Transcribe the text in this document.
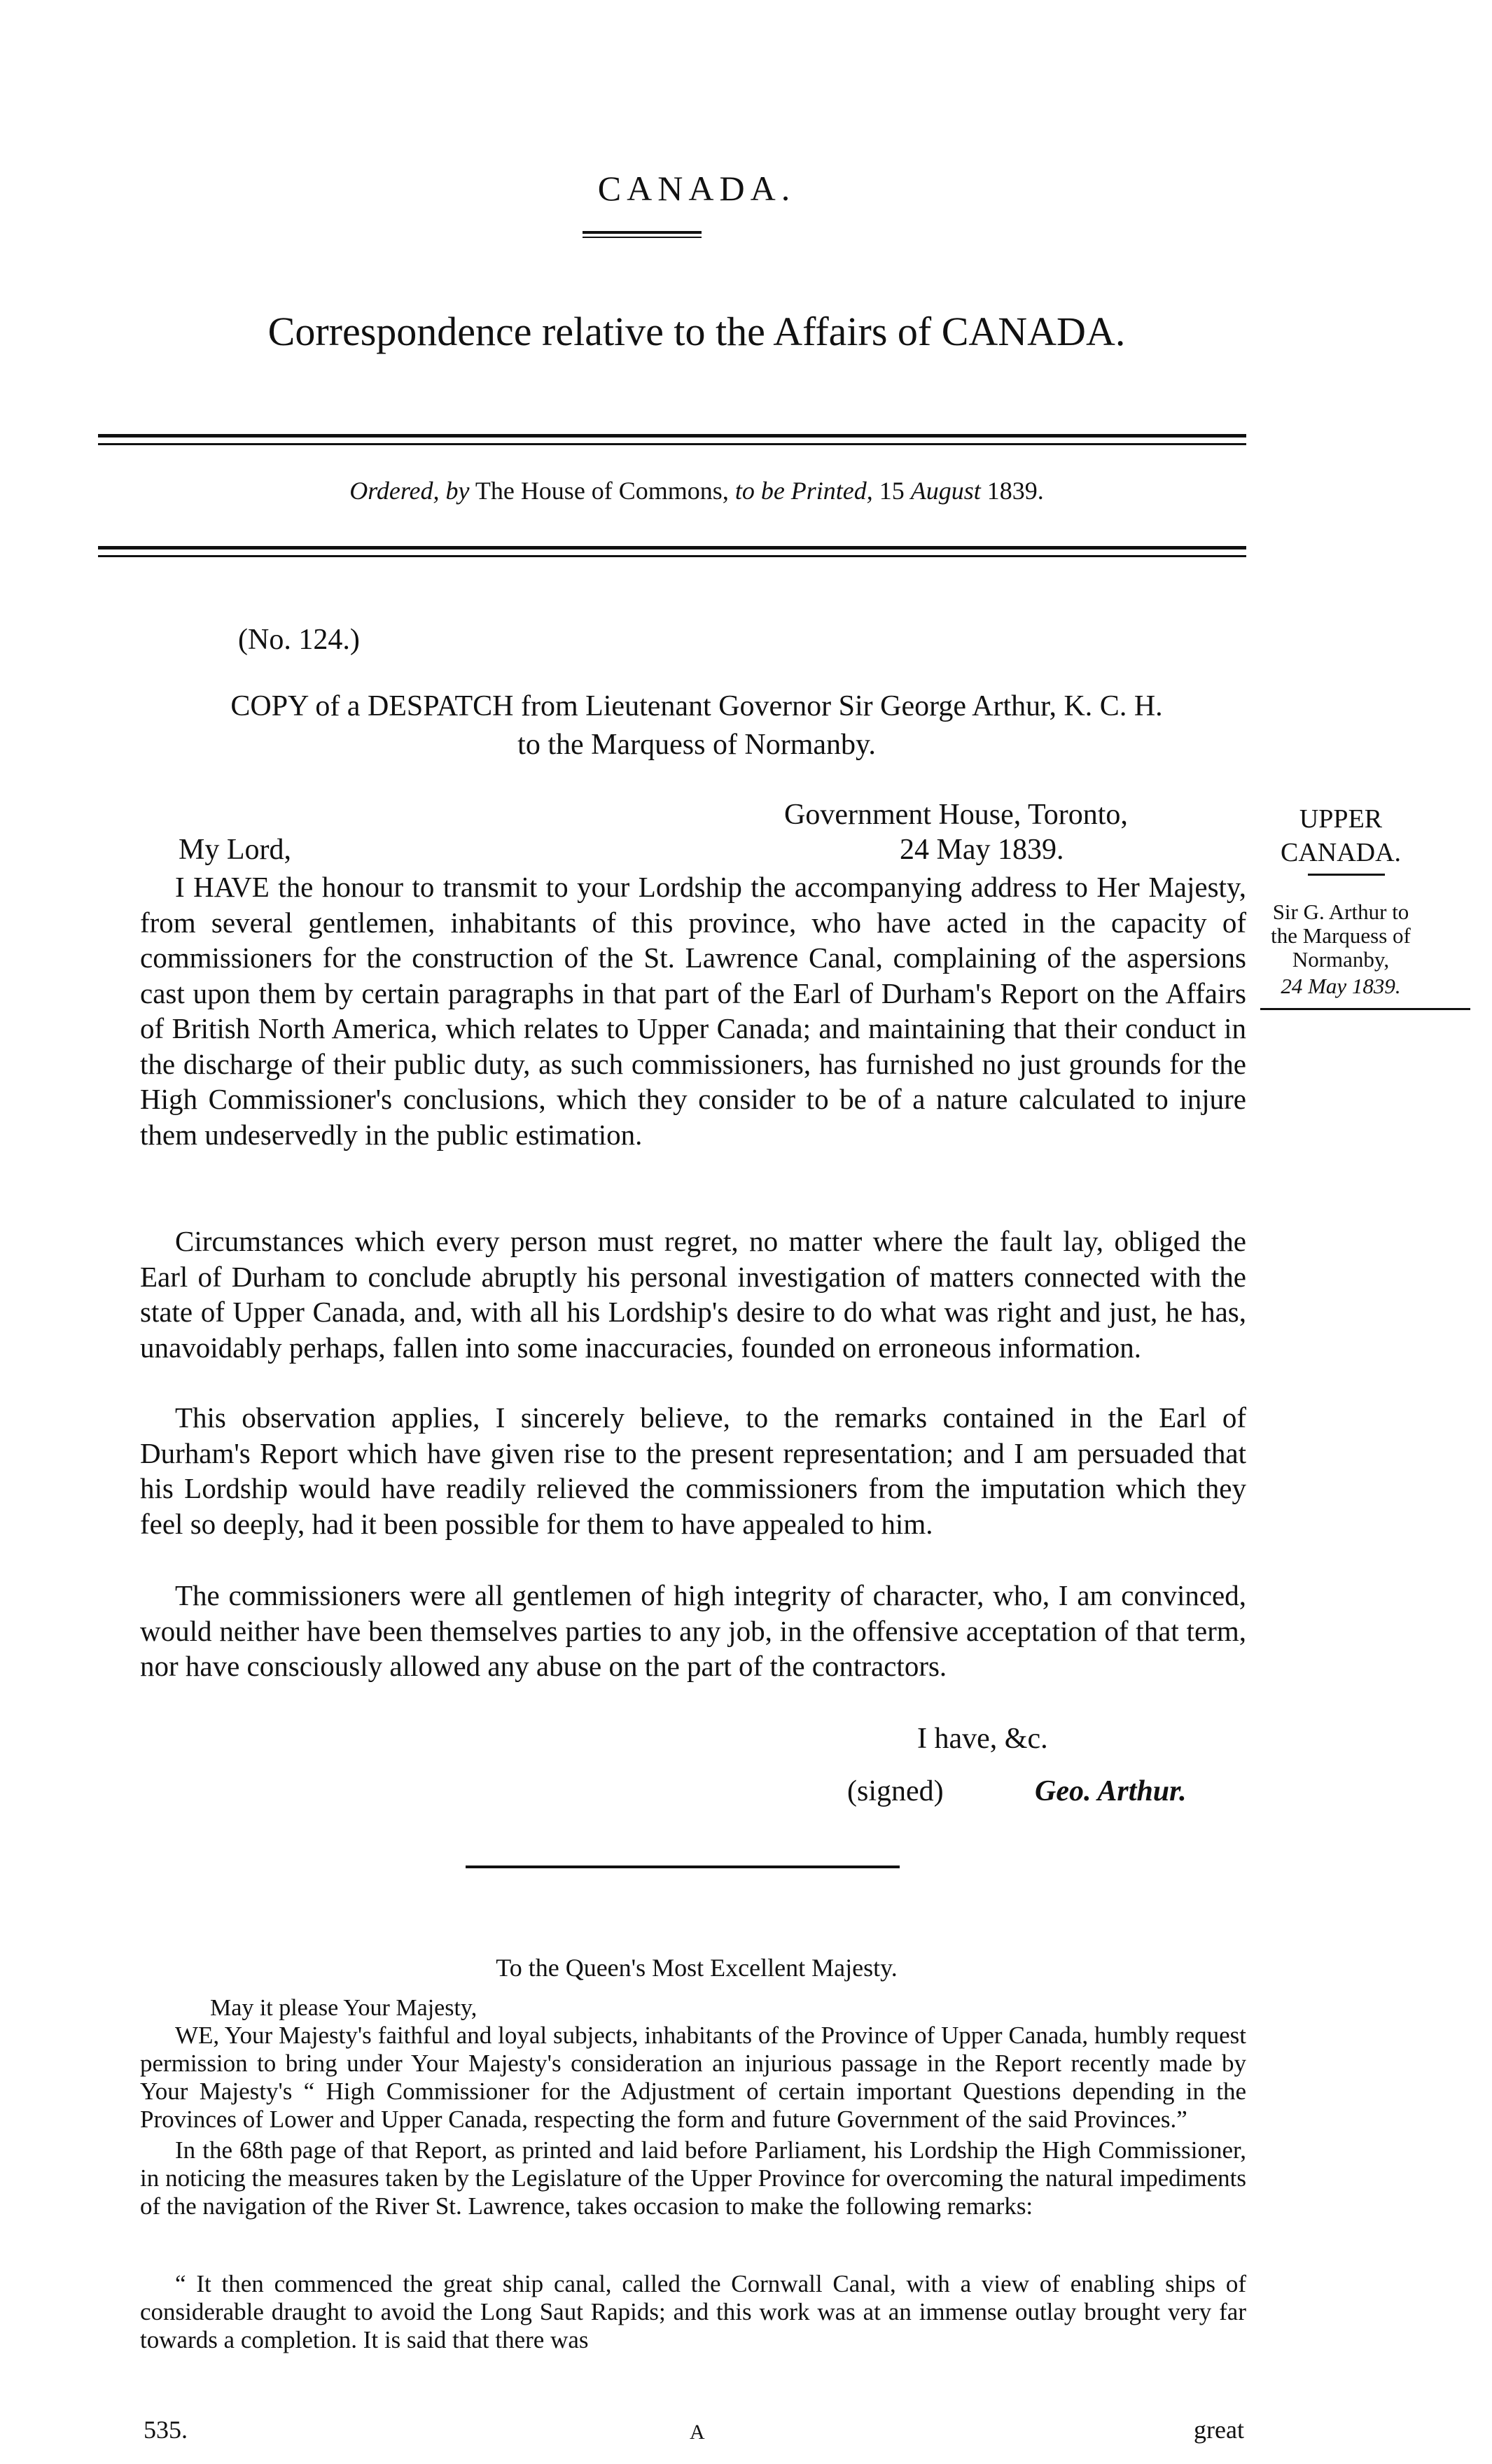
CANADA.
Correspondence relative to the Affairs of CANADA.
Ordered, by The House of Commons, to be Printed, 15 August 1839.
(No. 124.)
COPY of a DESPATCH from Lieutenant Governor Sir George Arthur, K. C. H.
to the Marquess of Normanby.
Government House, Toronto,
My Lord,	24 May 1839.

I HAVE the honour to transmit to your Lordship the accompanying address to Her Majesty, from several gentlemen, inhabitants of this province, who have acted in the capacity of commissioners for the construction of the St. Lawrence Canal, complaining of the aspersions cast upon them by certain paragraphs in that part of the Earl of Durham's Report on the Affairs of British North America, which relates to Upper Canada; and maintaining that their conduct in the discharge of their public duty, as such commissioners, has furnished no just grounds for the High Commissioner's conclusions, which they consider to be of a nature calculated to injure them undeservedly in the public estimation.

Circumstances which every person must regret, no matter where the fault lay, obliged the Earl of Durham to conclude abruptly his personal investigation of matters connected with the state of Upper Canada, and, with all his Lordship's desire to do what was right and just, he has, unavoidably perhaps, fallen into some inaccuracies, founded on erroneous information.

This observation applies, I sincerely believe, to the remarks contained in the Earl of Durham's Report which have given rise to the present representation; and I am persuaded that his Lordship would have readily relieved the commissioners from the imputation which they feel so deeply, had it been possible for them to have appealed to him.

The commissioners were all gentlemen of high integrity of character, who, I am convinced, would neither have been themselves parties to any job, in the offensive acceptation of that term, nor have consciously allowed any abuse on the part of the contractors.

I have, &c.
(signed)	Geo. Arthur.
To the Queen's Most Excellent Majesty.
May it please Your Majesty,

WE, Your Majesty's faithful and loyal subjects, inhabitants of the Province of Upper Canada, humbly request permission to bring under Your Majesty's consideration an injurious passage in the Report recently made by Your Majesty's “ High Commissioner for the Adjustment of certain important Questions depending in the Provinces of Lower and Upper Canada, respecting the form and future Government of the said Provinces.”

In the 68th page of that Report, as printed and laid before Parliament, his Lordship the High Commissioner, in noticing the measures taken by the Legislature of the Upper Province for overcoming the natural impediments of the navigation of the River St. Lawrence, takes occasion to make the following remarks:

“ It then commenced the great ship canal, called the Cornwall Canal, with a view of enabling ships of considerable draught to avoid the Long Saut Rapids; and this work was at an immense outlay brought very far towards a completion. It is said that there was

535.	A	great
UPPER
CANADA.
Sir G. Arthur to
the Marquess of
Normanby,
24 May 1839.
